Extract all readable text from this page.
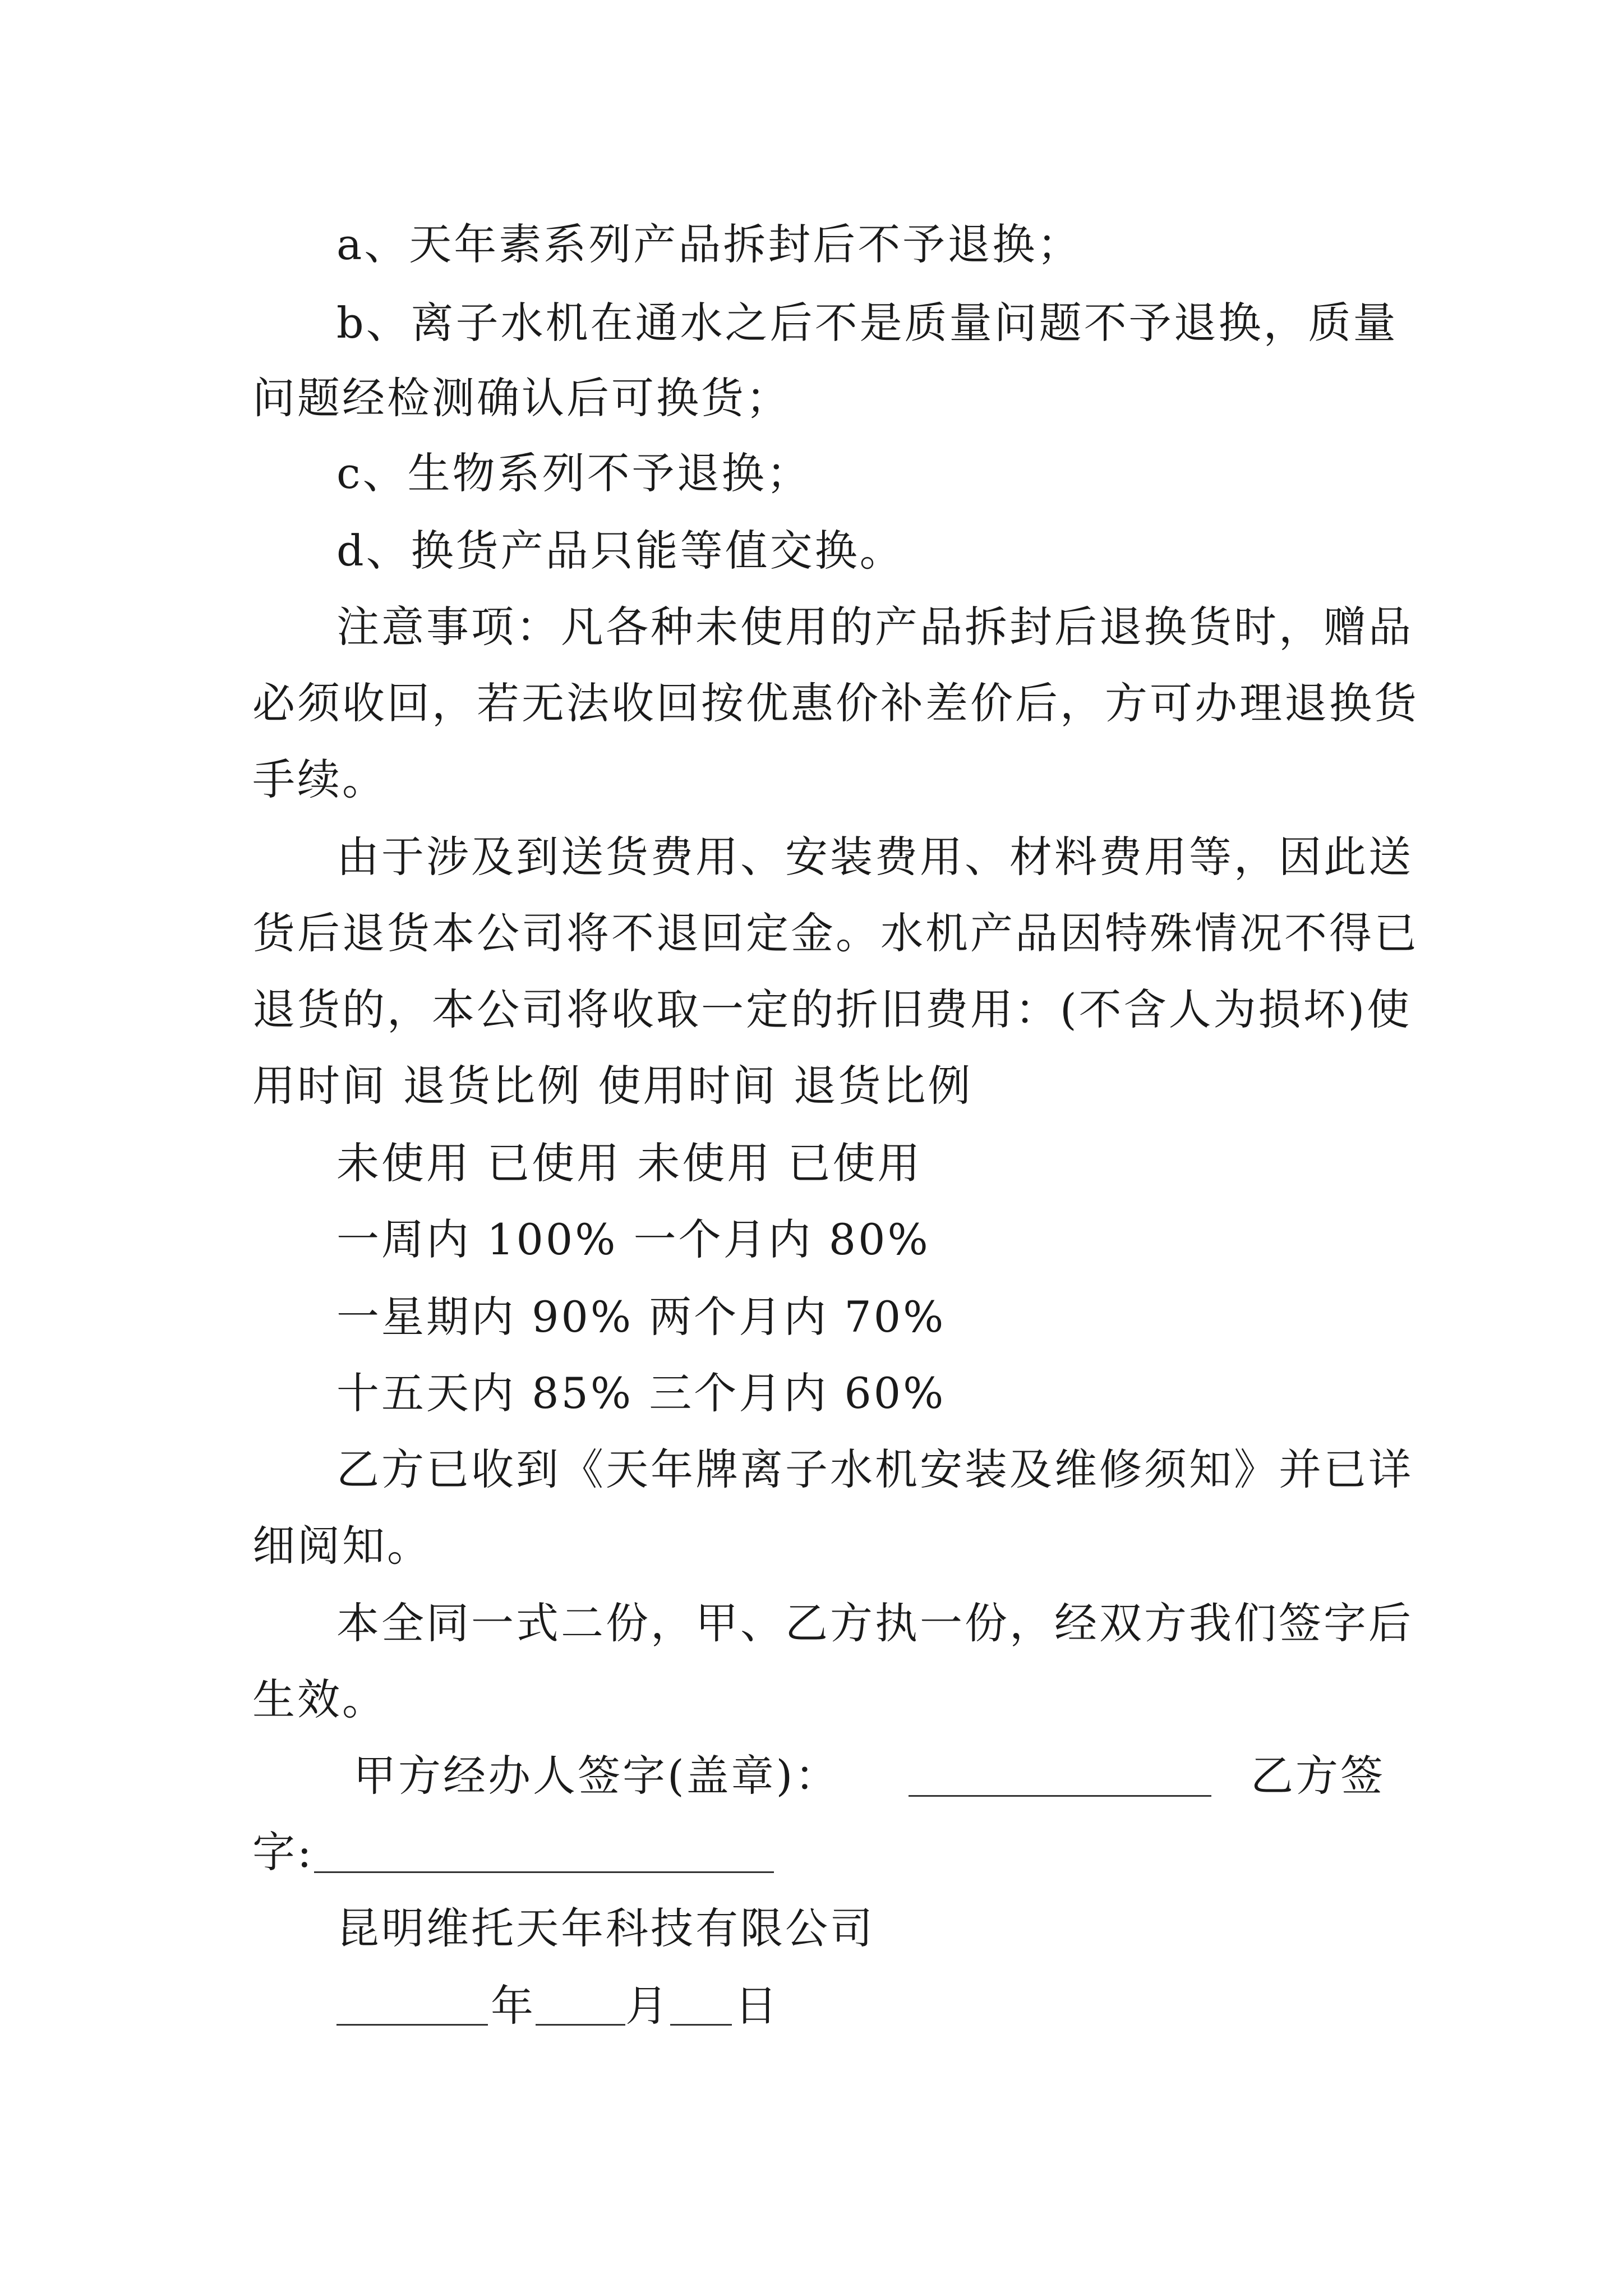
a、天年素系列产品拆封后不予退换；
b、离子水机在通水之后不是质量问题不予退换，质量
问题经检测确认后可换货；
c、生物系列不予退换；
d、换货产品只能等值交换。
注意事项：凡各种未使用的产品拆封后退换货时，赠品
必须收回，若无法收回按优惠价补差价后，方可办理退换货
手续。
由于涉及到送货费用、安装费用、材料费用等，因此送
货后退货本公司将不退回定金。水机产品因特殊情况不得已
退货的，本公司将收取一定的折旧费用：(不含人为损坏)使
用时间 退货比例 使用时间 退货比例
未使用 已使用 未使用 已使用
一周内 100% 一个月内 80%
一星期内 90% 两个月内 70%
十五天内 85% 三个月内 60%
乙方已收到《天年牌离子水机安装及维修须知》并已详
细阅知。
本全同一式二份，甲、乙方执一份，经双方我们签字后
生效。
甲方经办人签字(盖章)：	乙方签
字:
昆明维托天年科技有限公司
年 月 日
